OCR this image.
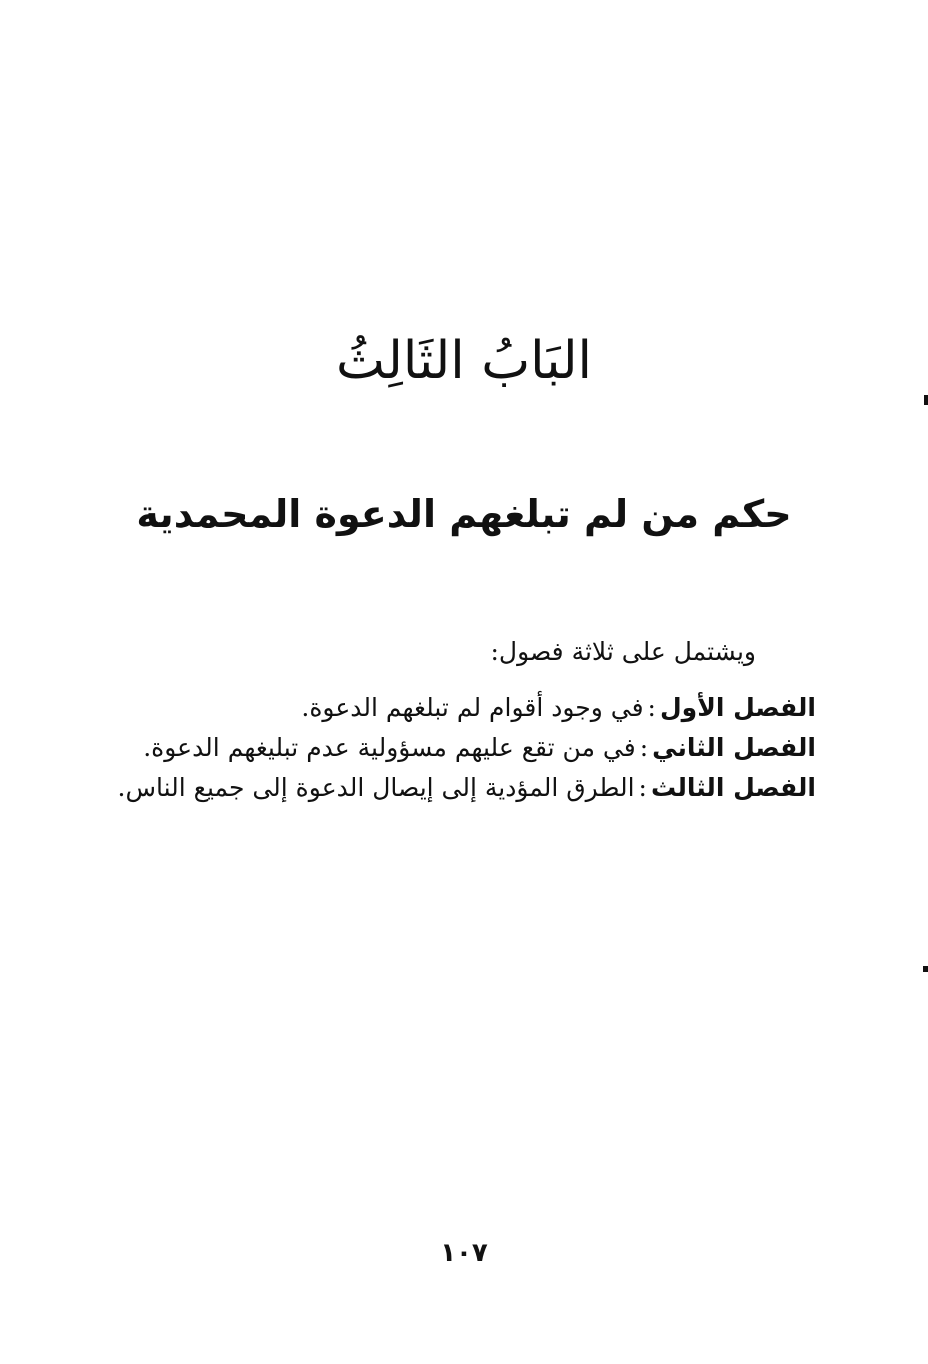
البَابُ الثَالِثُ
حكم من لم تبلغهم الدعوة المحمدية
ويشتمل على ثلاثة فصول:
الفصل الأول:في وجود أقوام لم تبلغهم الدعوة.
الفصل الثاني:في من تقع عليهم مسؤولية عدم تبليغهم الدعوة.
الفصل الثالث:الطرق المؤدية إلى إيصال الدعوة إلى جميع الناس.
١٠٧
